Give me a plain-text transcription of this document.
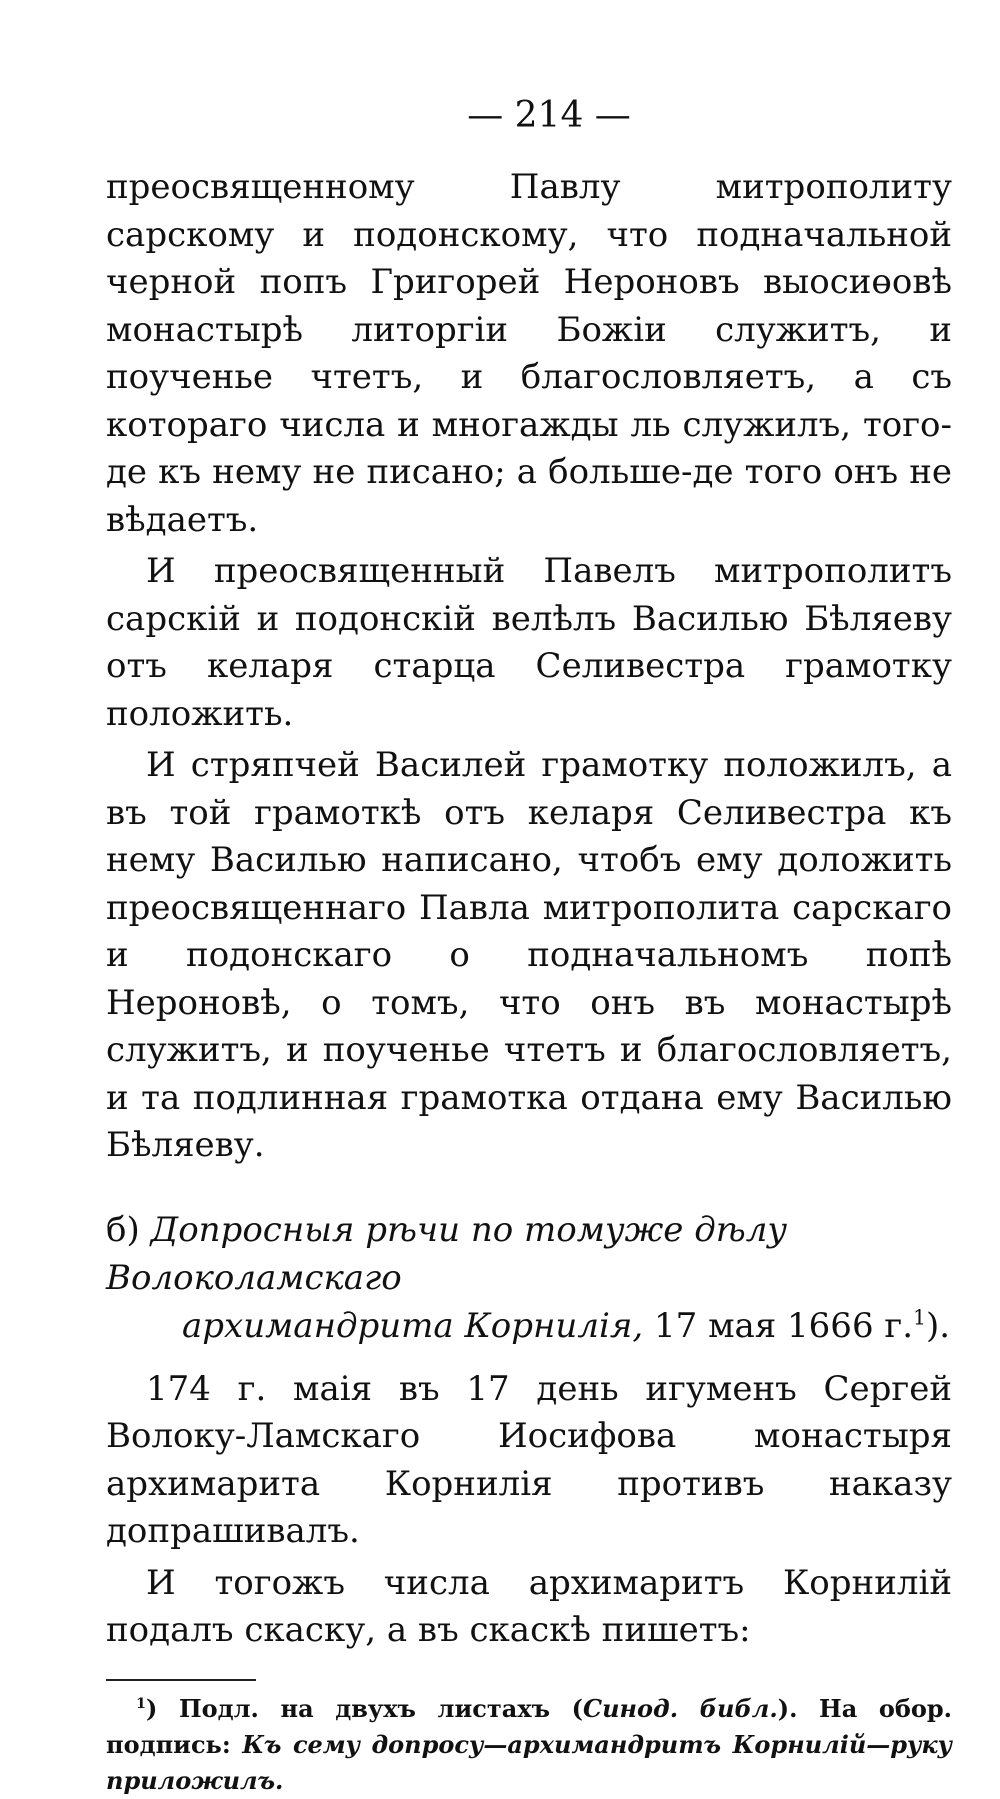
— 214 —

преосвященному Павлу митрополиту сарскому и подонскому, что подначальной черной попъ Григорей Нероновъ выосиөовѣ монастырѣ литоргіи Божіи служитъ, и поученье чтетъ, и благословляетъ, а съ котораго числа и многажды ль служилъ, того-де къ нему не писано; а больше-де того онъ не вѣдаетъ.

И преосвященный Павелъ митрополитъ сарскій и подонскій велѣлъ Василью Бѣляеву отъ келаря старца Селивестра грамотку положить.

И стряпчей Василей грамотку положилъ, а въ той грамоткѣ отъ келаря Селивестра къ нему Василью написано, чтобъ ему доложить преосвященнаго Павла митрополита сарскаго и подонскаго о подначальномъ попѣ Нероновѣ, о томъ, что онъ въ монастырѣ служитъ, и поученье чтетъ и благословляетъ, и та подлинная грамотка отдана ему Василью Бѣляеву.

б) Допросныя рѣчи по томуже дѣлу Волоколамскаго
архимандрита Корнилія, 17 мая 1666 г.$^1$).

174 г. маія въ 17 день игуменъ Сергей Волоку-Ламскаго Иосифова монастыря архимарита Корнилія противъ наказу допрашивалъ.

И тогожъ числа архимаритъ Корнилій подалъ скаску, а въ скаскѣ пишетъ:

$^1$) Подл. на двухъ листахъ (Синод. библ.). На обор. подпись: Къ сему допросу—архимандритъ Корнилій—руку приложилъ.
